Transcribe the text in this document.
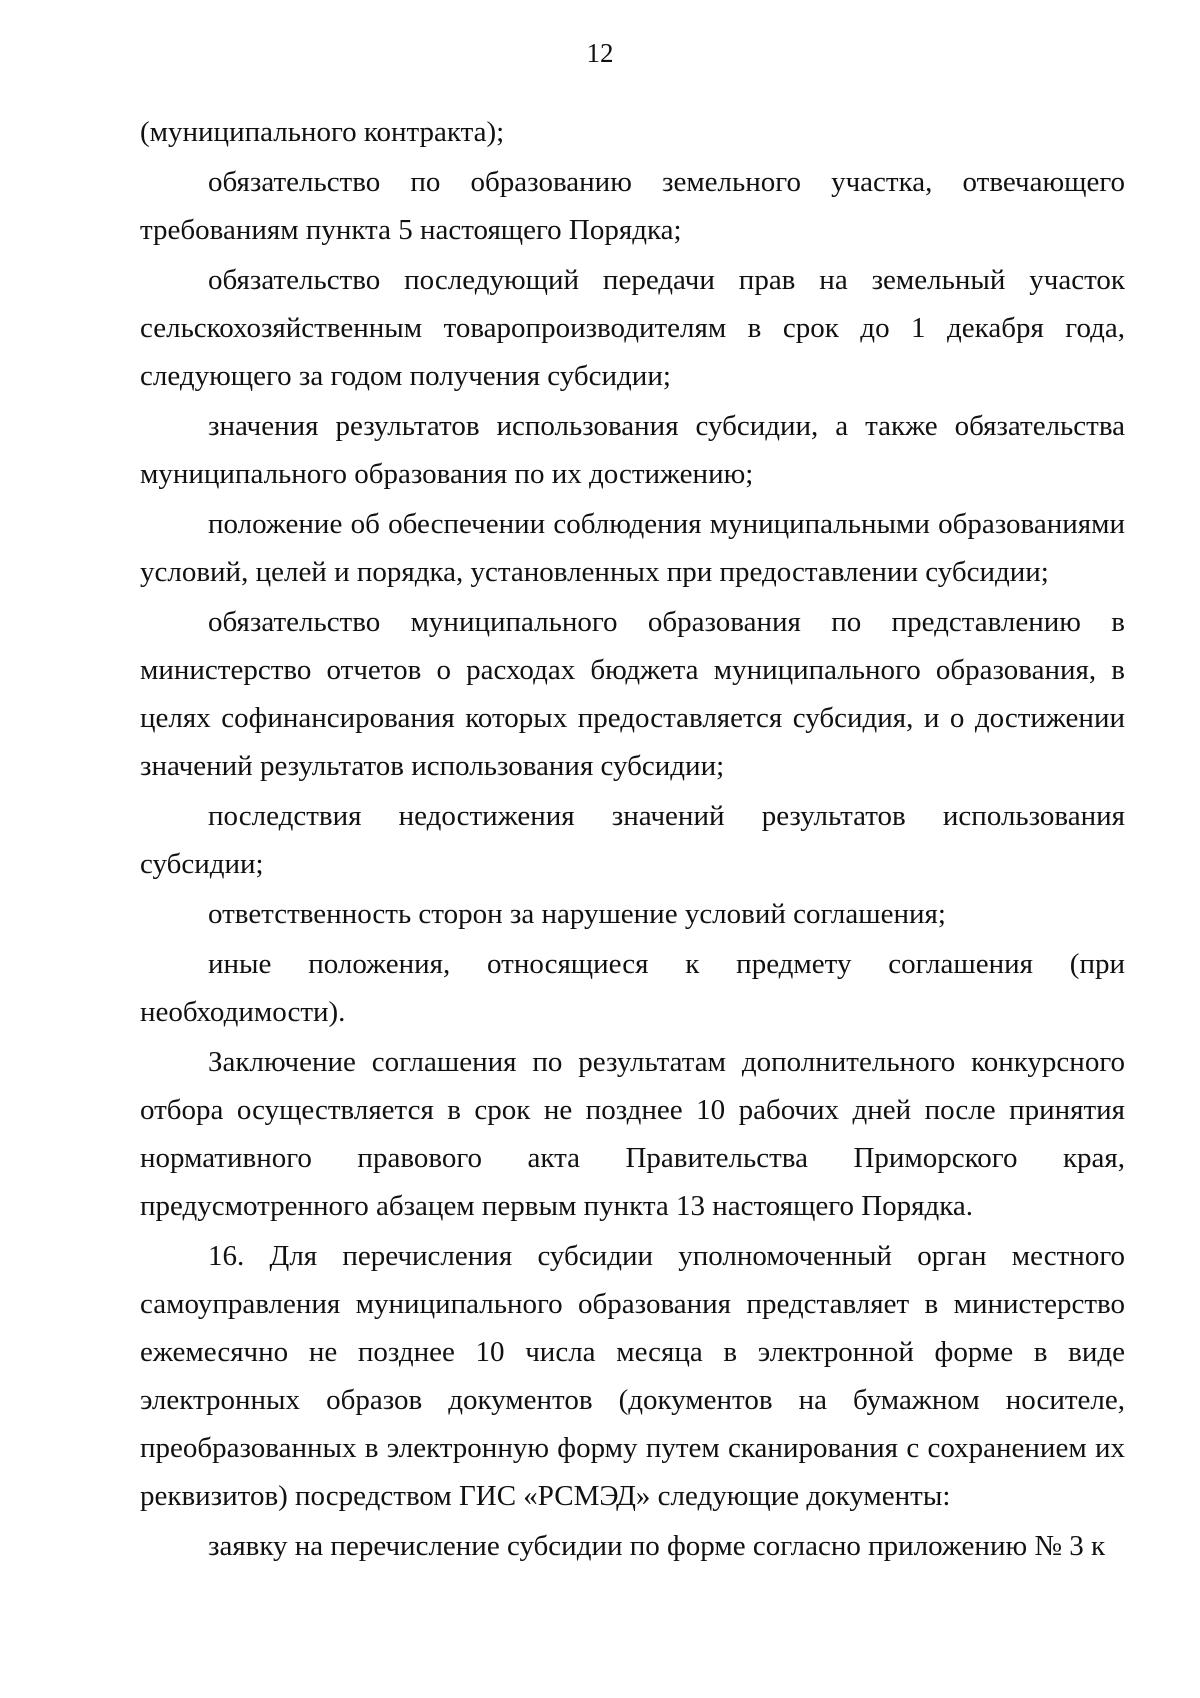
12

(муниципального контракта);

обязательство по образованию земельного участка, отвечающего требованиям пункта 5 настоящего Порядка;

обязательство последующий передачи прав на земельный участок сельскохозяйственным товаропроизводителям в срок до 1 декабря года, следующего за годом получения субсидии;

значения результатов использования субсидии, а также обязательства муниципального образования по их достижению;

положение об обеспечении соблюдения муниципальными образованиями условий, целей и порядка, установленных при предоставлении субсидии;

обязательство муниципального образования по представлению в министерство отчетов о расходах бюджета муниципального образования, в целях софинансирования которых предоставляется субсидия, и о достижении значений результатов использования субсидии;

последствия недостижения значений результатов использования субсидии;

ответственность сторон за нарушение условий соглашения;

иные положения, относящиеся к предмету соглашения (при необходимости).

Заключение соглашения по результатам дополнительного конкурсного отбора осуществляется в срок не позднее 10 рабочих дней после принятия нормативного правового акта Правительства Приморского края, предусмотренного абзацем первым пункта 13 настоящего Порядка.

16. Для перечисления субсидии уполномоченный орган местного самоуправления муниципального образования представляет в министерство ежемесячно не позднее 10 числа месяца в электронной форме в виде электронных образов документов (документов на бумажном носителе, преобразованных в электронную форму путем сканирования с сохранением их реквизитов) посредством ГИС «РСМЭД» следующие документы:

заявку на перечисление субсидии по форме согласно приложению № 3 к
